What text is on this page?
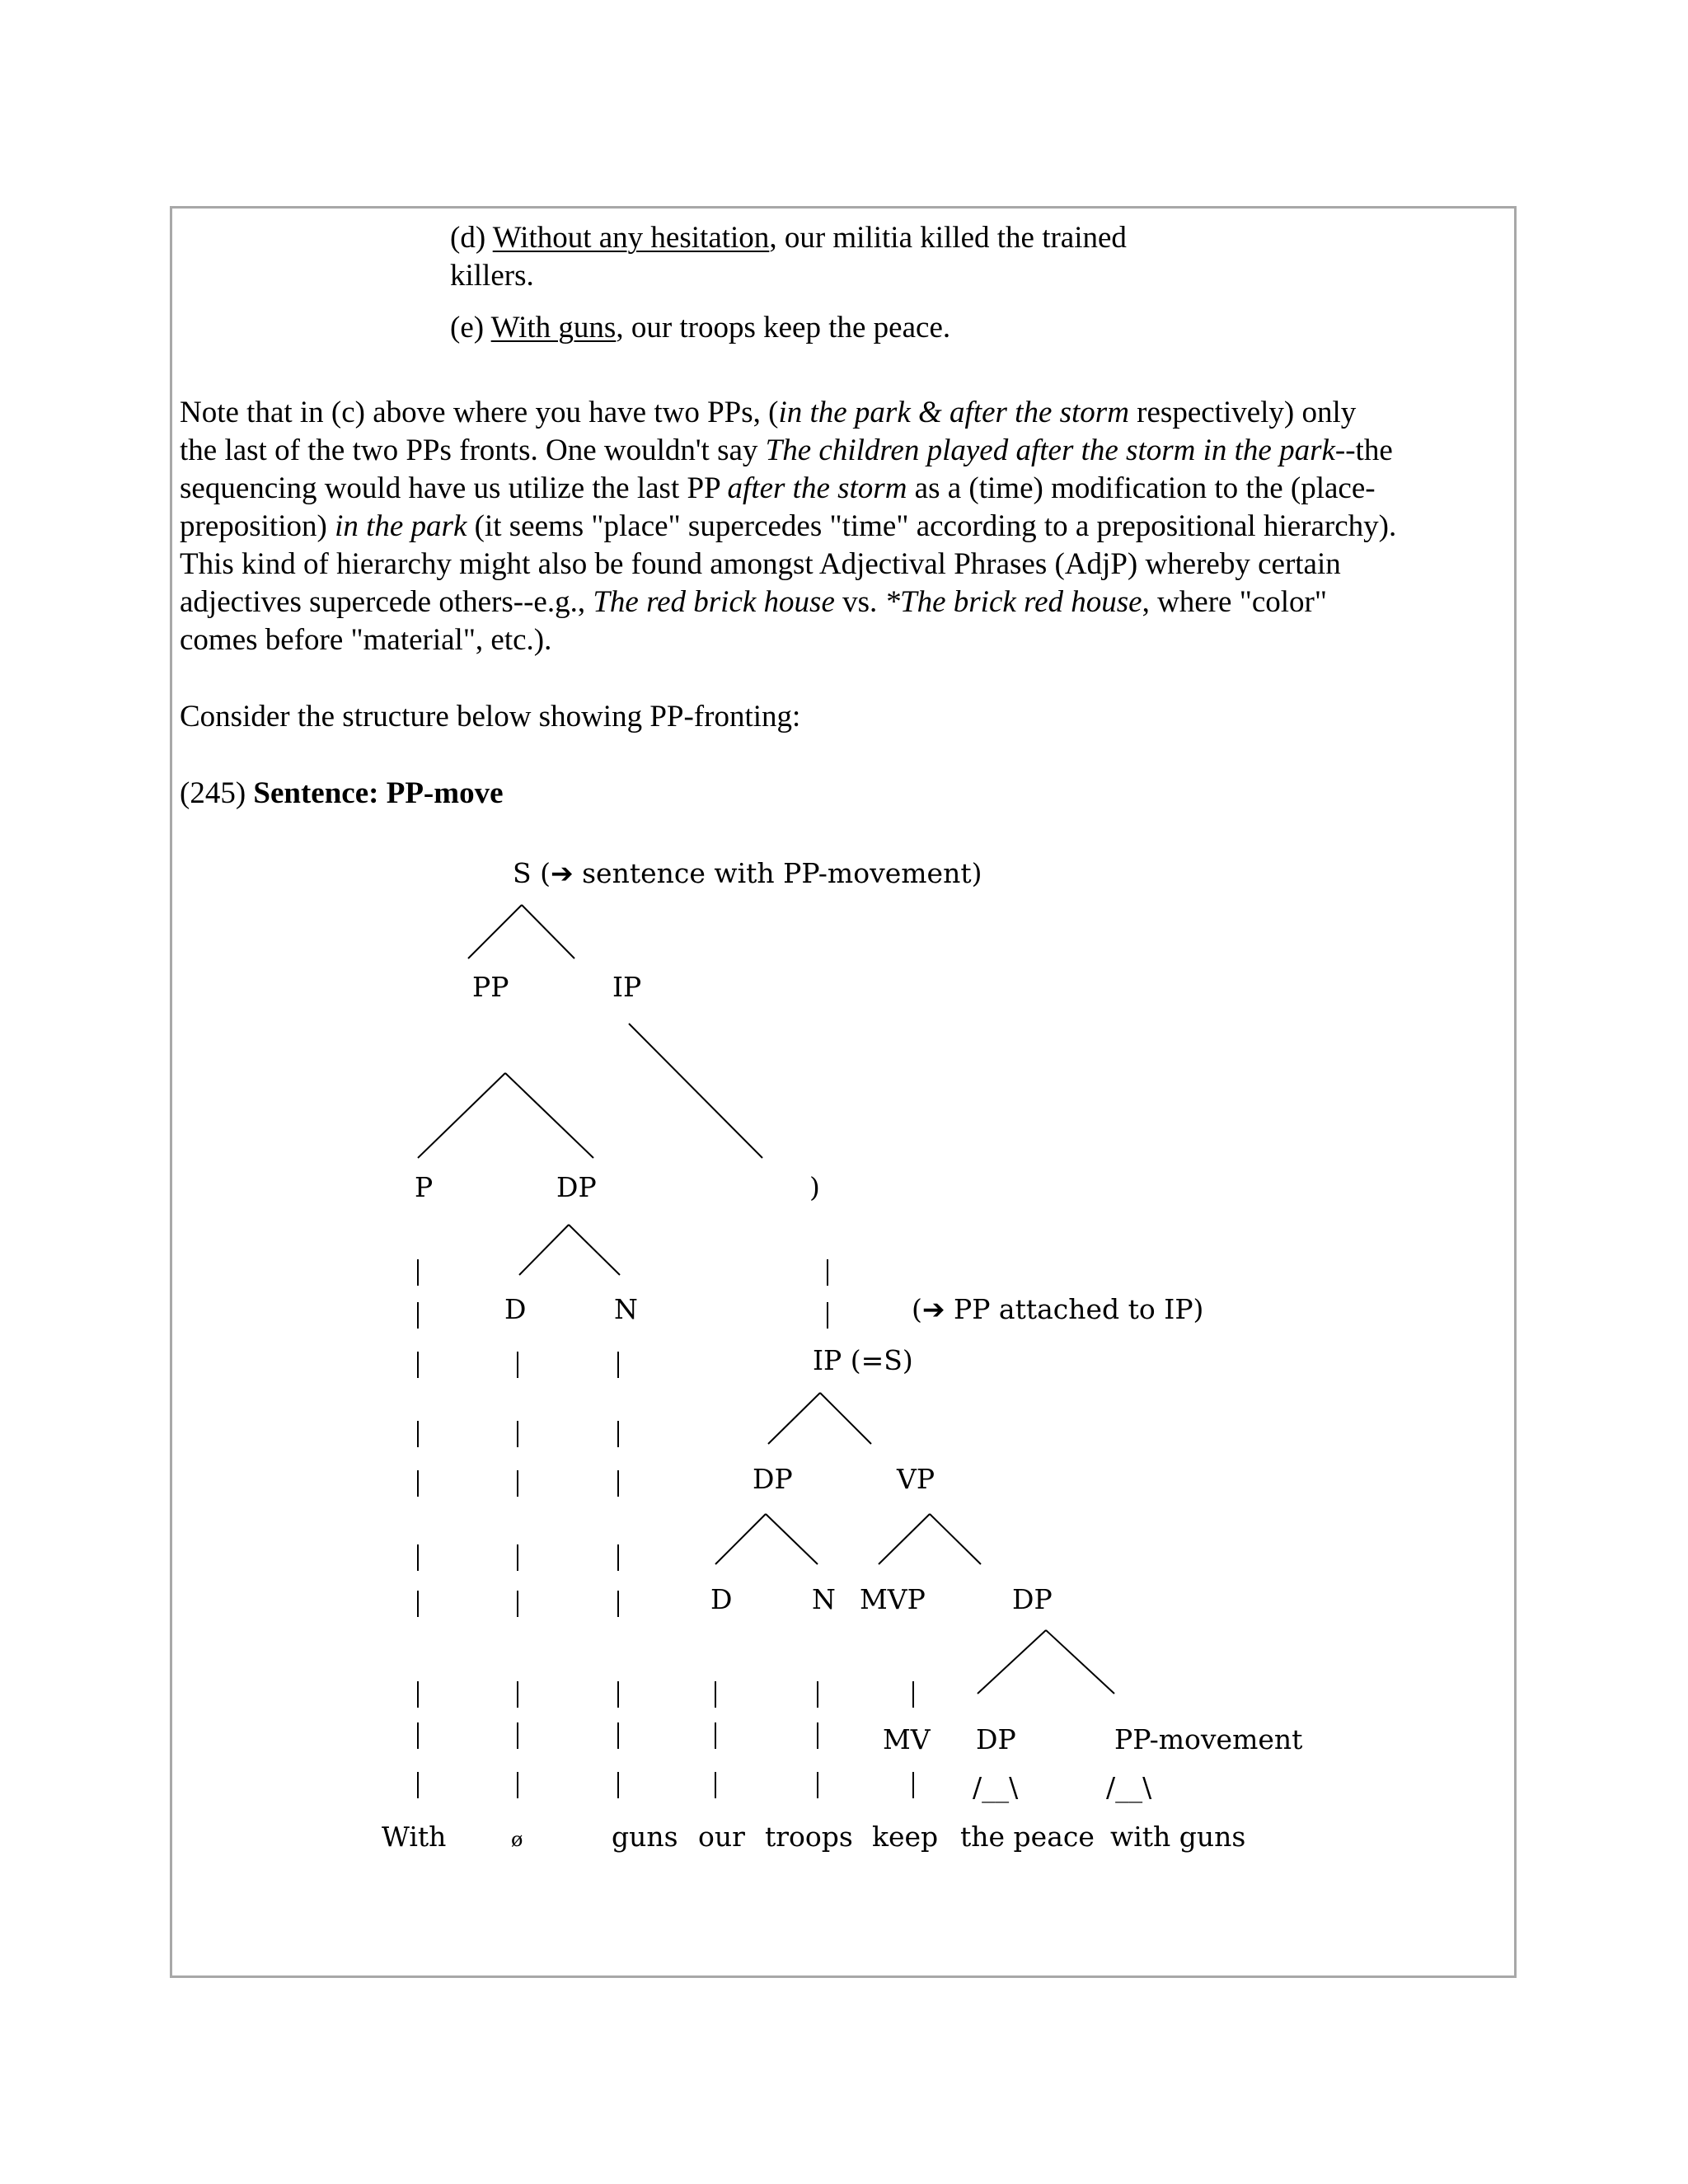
(d) Without any hesitation, our militia killed the trained
killers.
(e) With guns, our troops keep the peace.
Note that in (c) above where you have two PPs, (in the park & after the storm respectively) only
the last of the two PPs fronts. One wouldn't say The children played after the storm in the park--the
sequencing would have us utilize the last PP after the storm as a (time) modification to the (place-
preposition) in the park (it seems "place" supercedes "time" according to a prepositional hierarchy).
This kind of hierarchy might also be found amongst Adjectival Phrases (AdjP) whereby certain
adjectives supercede others--e.g., The red brick house vs. *The brick red house, where "color"
comes before "material", etc.).
Consider the structure below showing PP-fronting:
(245) Sentence: PP-move
S (➔ sentence with PP-movement)
PP	IP
P	DP	)
D	N	(➔ PP attached to IP)
IP (=S)
DP	VP
D	N MVP	DP
MV DP	PP-movement
/__\	/__\
With	ø	guns our troops keep the peace with guns
